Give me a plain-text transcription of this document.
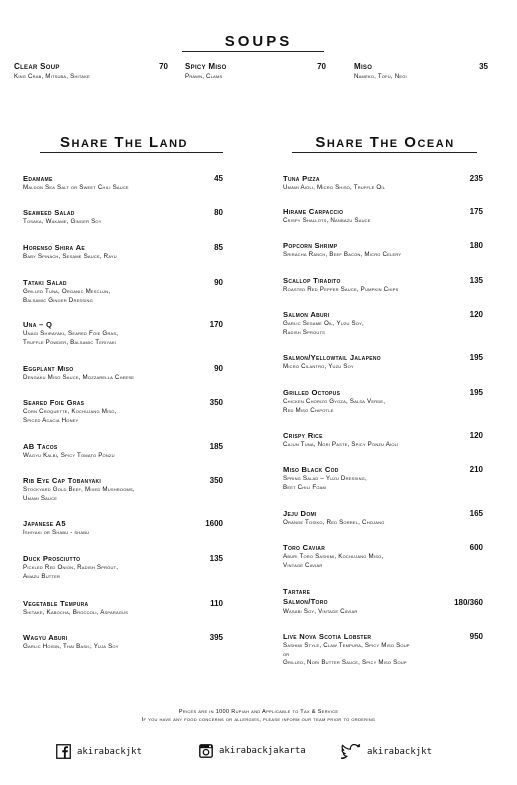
SOUPS
Clear Soup	70
King Crab, Mitsuba, Shitake
Spicy Miso	70
Prawn, Clams
Miso	35
Nameko, Tofu, Negi
Share The Land	Share The Ocean
Edamame	45
Maldon Sea Salt or Sweet Chili Sauce
Seaweed Salad	80
Tosaka, Wakame, Ginger Soy
Horenso Shira Ae	85
Baby Spinach, Sesame Sauce, Rayu
Tataki Salad	90
Grilled Tuna, Organic Mesclun,
Balsamic Ginger Dressing
Una – Q	170
Unagi Shirayaki, Seared Foie Gras,
Truffle Powder, Balsamic Teriyaki
Eggplant Miso	90
Dengaku Miso Sauce, Mozzarella Cheese
Seared Foie Gras	350
Corn Croquette, Kochujang Miso,
Spiced Acacia Honey
AB Tacos	185
Wagyu Kalbi, Spicy Tomato Ponzu
Rib Eye Cap Tobanyaki	350
Stockyard Gold Beef, Mixed Mushrooms,
Umami Sauce
Japanese A5	1600
Ishiyaki or Shabu - shabu
Duck Prosciutto	135
Pickled Red Onion, Radish Sprout,
Amazu Butter
Vegetable Tempura	110
Shitake, Kabocha, Broccoli, Asparagus
Wagyu Aburi	395
Garlic Hoisin, Thai Basil, Yuja Soy
Tuna Pizza	235
Umami Aioli, Micro Shiso, Truffle Oil
Hirame Carpaccio	175
Crispy Shallots, Nanbazu Sauce
Popcorn Shrimp	180
Sriracha Ranch, Beef Bacon, Micro Celery
Scallop Tiradito	135
Roasted Red Pepper Sauce, Pumpkin Chips
Salmon Aburi	120
Garlic Sesame Oil, Yuzu Soy,
Radish Sprouts
Salmon/Yellowtail Jalapeno	195
Micro Cilantro, Yuzu Soy
Grilled Octopus	195
Chicken Chorizo Gyoza, Salsa Verde,
Red Miso Chipotle
Crispy Rice	120
Cajun Tuna, Nori Paste, Spicy Ponzu Aioli
Miso Black Cod	210
Spring Salad – Yuzu Dressing,
Beet Chili Foam
Jeju Domi	165
Orange Tosiko, Red Sorrel, Chojang
Toro Caviar	600
Aburi Toro Sashimi, Kochujang Miso,
Vintage Caviar
Tartare
Salmon/Toro	180/360
Wasabi Soy, Vintage Caviar
Live Nova Scotia Lobster	950
Sashimi Style, Claw Tempura, Spicy Miso Soup
or
Grilled, Nori Butter Sauce, Spicy Miso Soup
Prices are in 1000 Rupiah and Applicable to Tax & Service
If you have any food concerns or allergies, please inform our team prior to ordering
akirabackjkt	akirabackjakarta	akirabackjkt
